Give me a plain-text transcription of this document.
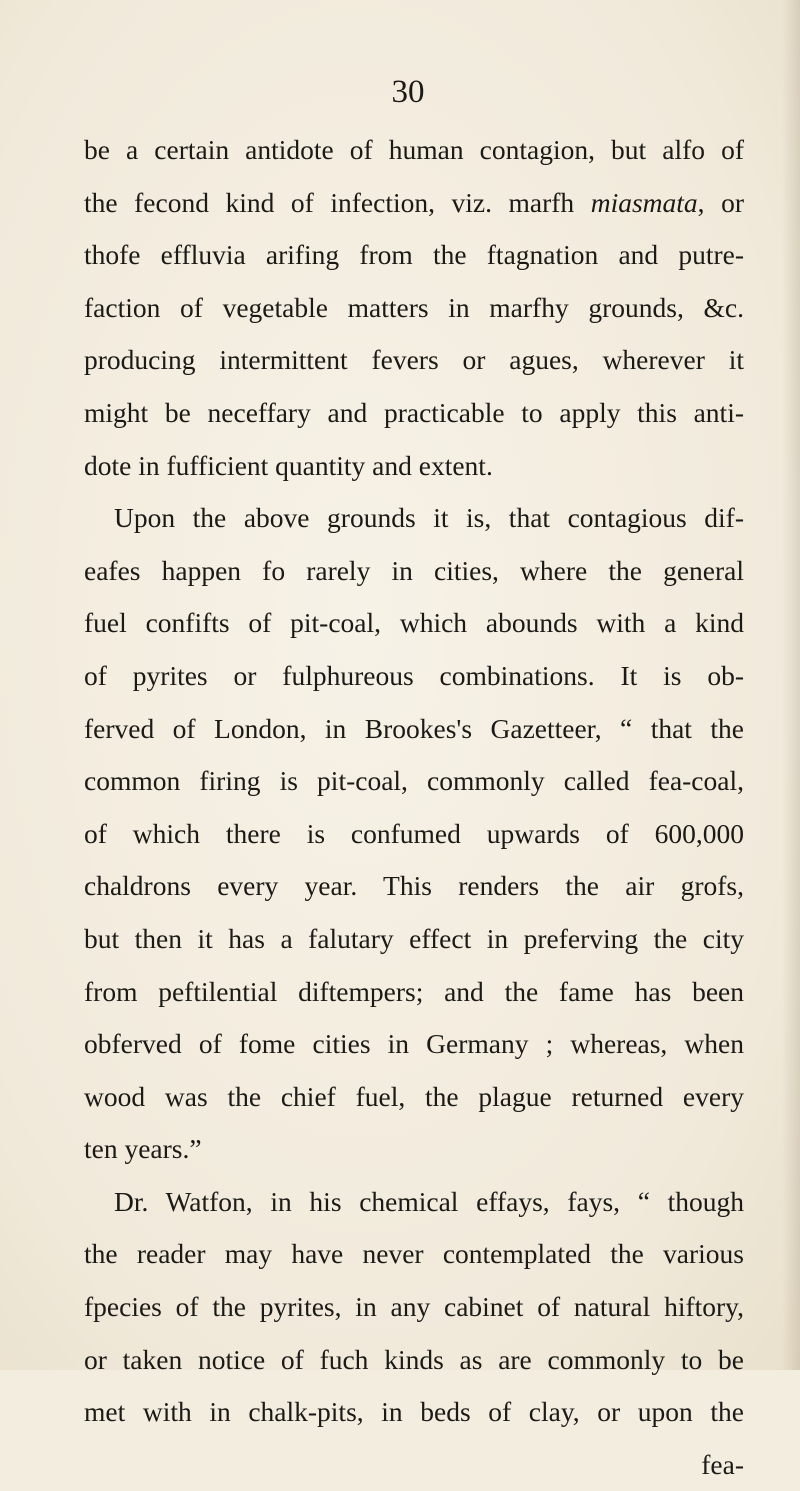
30
be a certain antidote of human contagion, but alfo of
the fecond kind of infection, viz. marfh miasmata, or
thofe effluvia arifing from the ftagnation and putre-
faction of vegetable matters in marfhy grounds, &c.
producing intermittent fevers or agues, wherever it
might be neceffary and practicable to apply this anti-
dote in fufficient quantity and extent.
Upon the above grounds it is, that contagious dif-
eafes happen fo rarely in cities, where the general
fuel confifts of pit-coal, which abounds with a kind
of pyrites or fulphureous combinations. It is ob-
ferved of London, in Brookes's Gazetteer, “ that the
common firing is pit-coal, commonly called fea-coal,
of which there is confumed upwards of 600,000
chaldrons every year. This renders the air grofs,
but then it has a falutary effect in preferving the city
from peftilential diftempers; and the fame has been
obferved of fome cities in Germany ; whereas, when
wood was the chief fuel, the plague returned every
ten years.”
Dr. Watfon, in his chemical effays, fays, “ though
the reader may have never contemplated the various
fpecies of the pyrites, in any cabinet of natural hiftory,
or taken notice of fuch kinds as are commonly to be
met with in chalk-pits, in beds of clay, or upon the
fea-
